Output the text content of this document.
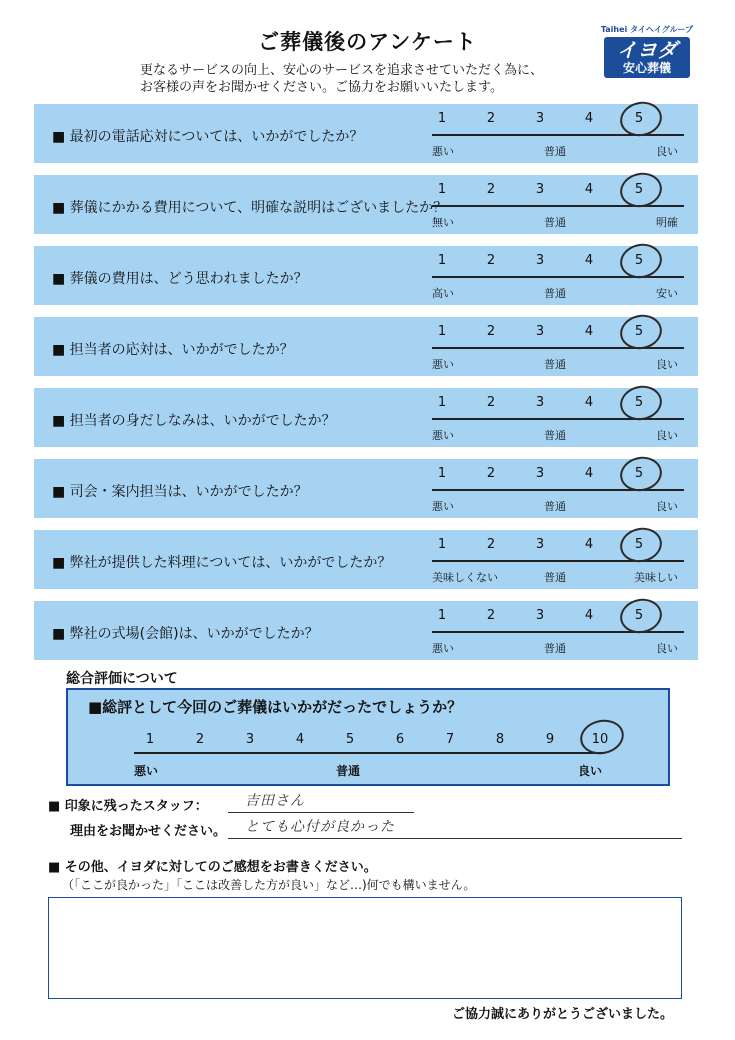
ご葬儀後のアンケート
更なるサービスの向上、安心のサービスを追求させていただく為に、
お客様の声をお聞かせください。ご協力をお願いいたします。
Taihei タイヘイグループ
イヨダ
安心葬儀
■ 最初の電話応対については、いかがでしたか？
1	2	3	4	5
悪い	普通	良い
■ 葬儀にかかる費用について、明確な説明はございましたか？
1	2	3	4	5
無い	普通	明確
■ 葬儀の費用は、どう思われましたか？
1	2	3	4	5
高い	普通	安い
■ 担当者の応対は、いかがでしたか？
1	2	3	4	5
悪い	普通	良い
■ 担当者の身だしなみは、いかがでしたか？
1	2	3	4	5
悪い	普通	良い
■ 司会・案内担当は、いかがでしたか？
1	2	3	4	5
悪い	普通	良い
■ 弊社が提供した料理については、いかがでしたか？
1	2	3	4	5
美味しくない	普通	美味しい
■ 弊社の式場(会館)は、いかがでしたか？
1	2	3	4	5
悪い	普通	良い
総合評価について
■総評として今回のご葬儀はいかがだったでしょうか？
1	2	3	4	5	6	7	8	9	10
悪い	普通	良い
■ 印象に残ったスタッフ：	吉田さん
理由をお聞かせください。 とても心付が良かった
■ その他、イヨダに対してのご感想をお書きください。
（「ここが良かった」「ここは改善した方が良い」など…)何でも構いません。
ご協力誠にありがとうございました。
